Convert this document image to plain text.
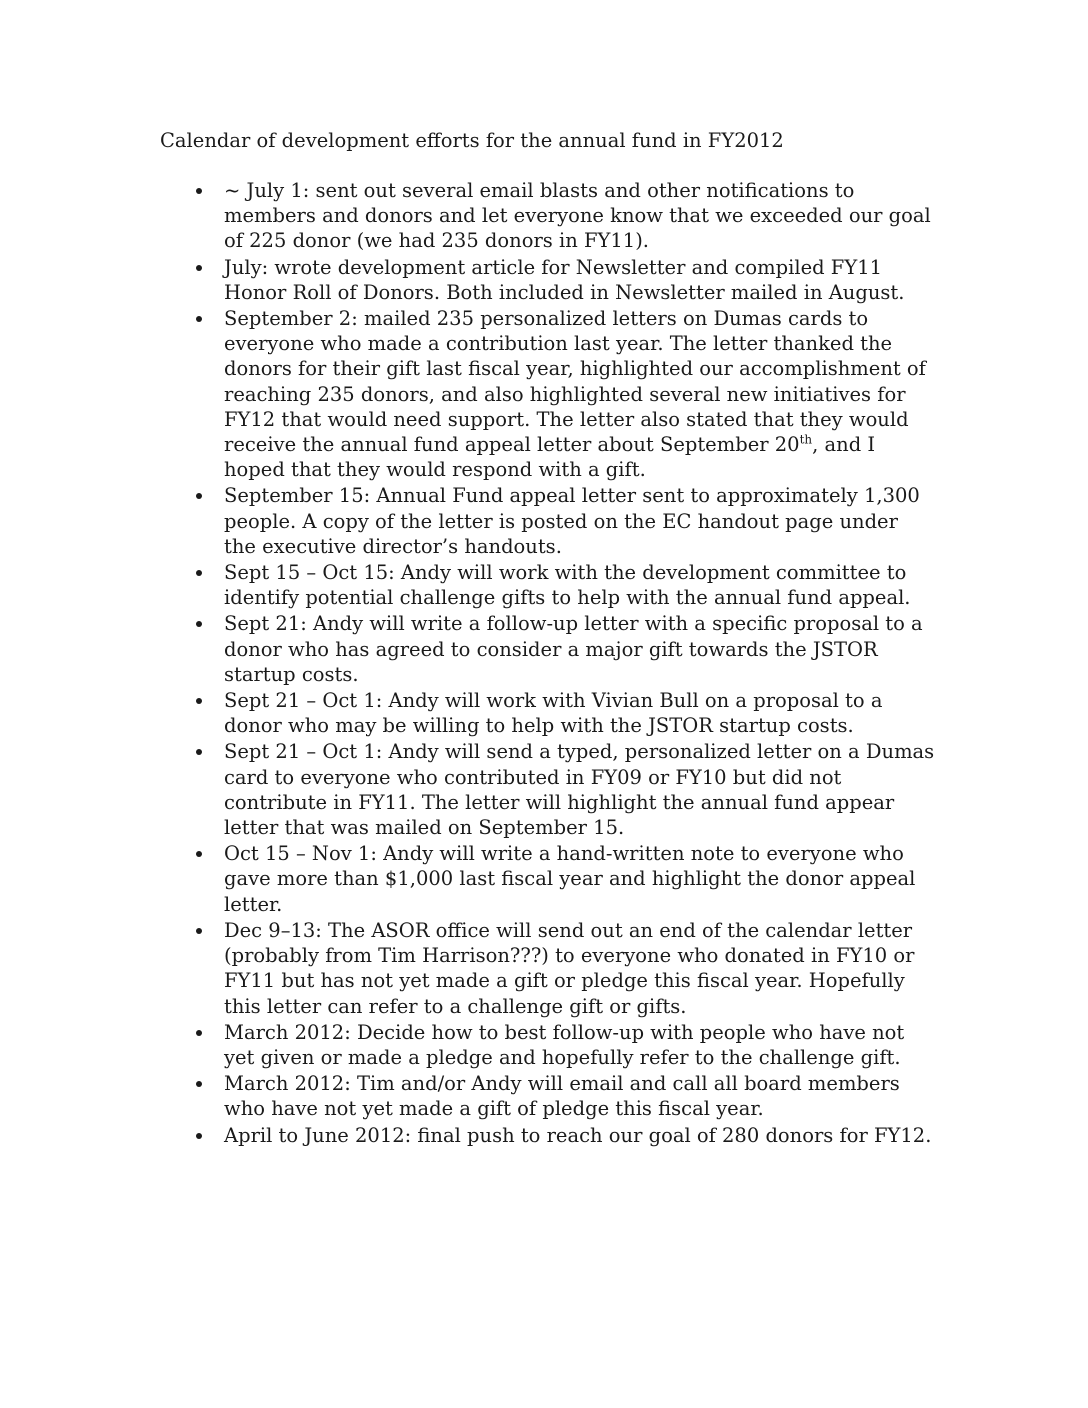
Calendar of development efforts for the annual fund in FY2012
~ July 1: sent out several email blasts and other notifications to members and donors and let everyone know that we exceeded our goal of 225 donor (we had 235 donors in FY11).
July: wrote development article for Newsletter and compiled FY11 Honor Roll of Donors. Both included in Newsletter mailed in August.
September 2: mailed 235 personalized letters on Dumas cards to everyone who made a contribution last year. The letter thanked the donors for their gift last fiscal year, highlighted our accomplishment of reaching 235 donors, and also highlighted several new initiatives for FY12 that would need support. The letter also stated that they would receive the annual fund appeal letter about September 20th, and I hoped that they would respond with a gift.
September 15: Annual Fund appeal letter sent to approximately 1,300 people. A copy of the letter is posted on the EC handout page under the executive director’s handouts.
Sept 15 – Oct 15: Andy will work with the development committee to identify potential challenge gifts to help with the annual fund appeal.
Sept 21: Andy will write a follow-up letter with a specific proposal to a donor who has agreed to consider a major gift towards the JSTOR startup costs.
Sept 21 – Oct 1: Andy will work with Vivian Bull on a proposal to a donor who may be willing to help with the JSTOR startup costs.
Sept 21 – Oct 1: Andy will send a typed, personalized letter on a Dumas card to everyone who contributed in FY09 or FY10 but did not contribute in FY11. The letter will highlight the annual fund appear letter that was mailed on September 15.
Oct 15 – Nov 1: Andy will write a hand-written note to everyone who gave more than $1,000 last fiscal year and highlight the donor appeal letter.
Dec 9–13: The ASOR office will send out an end of the calendar letter (probably from Tim Harrison???) to everyone who donated in FY10 or FY11 but has not yet made a gift or pledge this fiscal year. Hopefully this letter can refer to a challenge gift or gifts.
March 2012: Decide how to best follow-up with people who have not yet given or made a pledge and hopefully refer to the challenge gift.
March 2012: Tim and/or Andy will email and call all board members who have not yet made a gift of pledge this fiscal year.
April to June 2012: final push to reach our goal of 280 donors for FY12.
